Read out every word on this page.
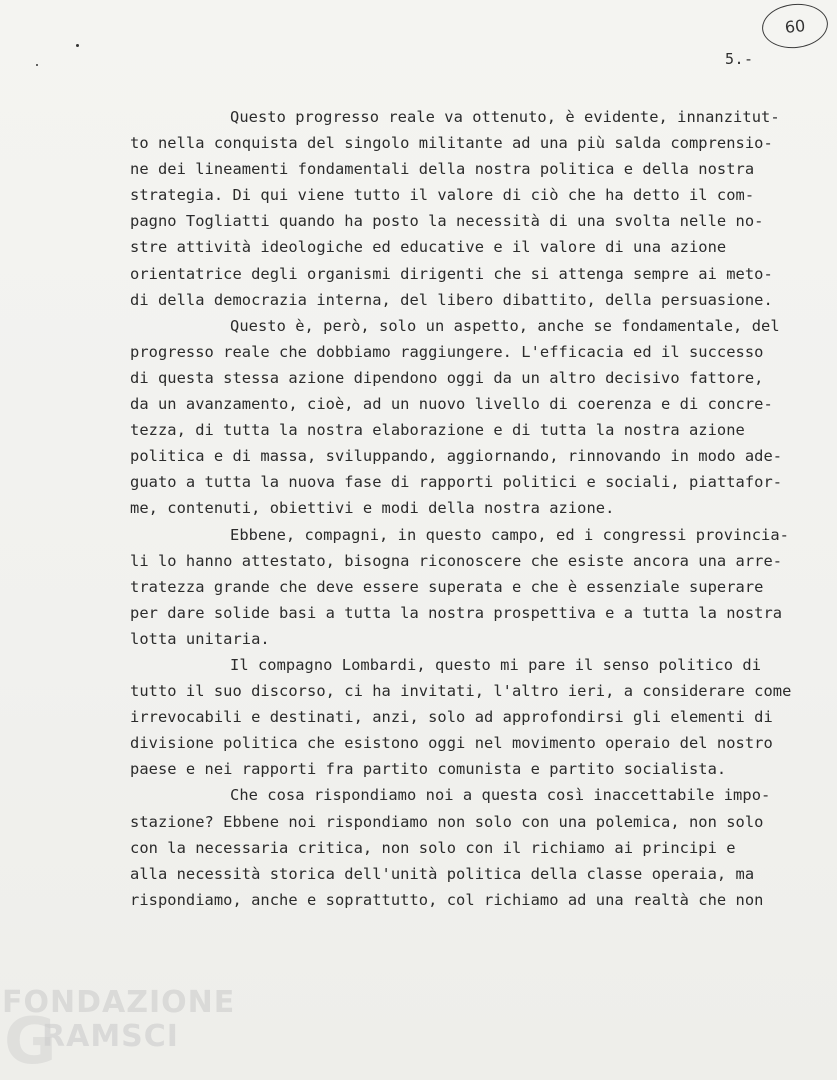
60
5.-
Questo progresso reale va ottenuto, è evidente, innanzitut-
to nella conquista del singolo militante ad una più salda comprensio-
ne dei lineamenti fondamentali della nostra politica e della nostra
strategia. Di qui viene tutto il valore di ciò che ha detto il com-
pagno Togliatti quando ha posto la necessità di una svolta nelle no-
stre attività ideologiche ed educative e il valore di una azione
orientatrice degli organismi dirigenti che si attenga sempre ai meto-
di della democrazia interna, del libero dibattito, della persuasione.
Questo è, però, solo un aspetto, anche se fondamentale, del
progresso reale che dobbiamo raggiungere. L'efficacia ed il successo
di questa stessa azione dipendono oggi da un altro decisivo fattore,
da un avanzamento, cioè, ad un nuovo livello di coerenza e di concre-
tezza, di tutta la nostra elaborazione e di tutta la nostra azione
politica e di massa, sviluppando, aggiornando, rinnovando in modo ade-
guato a tutta la nuova fase di rapporti politici e sociali, piattafor-
me, contenuti, obiettivi e modi della nostra azione.
Ebbene, compagni, in questo campo, ed i congressi provincia-
li lo hanno attestato, bisogna riconoscere che esiste ancora una arre-
tratezza grande che deve essere superata e che è essenziale superare
per dare solide basi a tutta la nostra prospettiva e a tutta la nostra
lotta unitaria.
Il compagno Lombardi, questo mi pare il senso politico di
tutto il suo discorso, ci ha invitati, l'altro ieri, a considerare come
irrevocabili e destinati, anzi, solo ad approfondirsi gli elementi di
divisione politica che esistono oggi nel movimento operaio del nostro
paese e nei rapporti fra partito comunista e partito socialista.
Che cosa rispondiamo noi a questa così inaccettabile impo-
stazione? Ebbene noi rispondiamo non solo con una polemica, non solo
con la necessaria critica, non solo con il richiamo ai principi e
alla necessità storica dell'unità politica della classe operaia, ma
rispondiamo, anche e soprattutto, col richiamo ad una realtà che non
FONDAZIONE
G
RAMSCI
